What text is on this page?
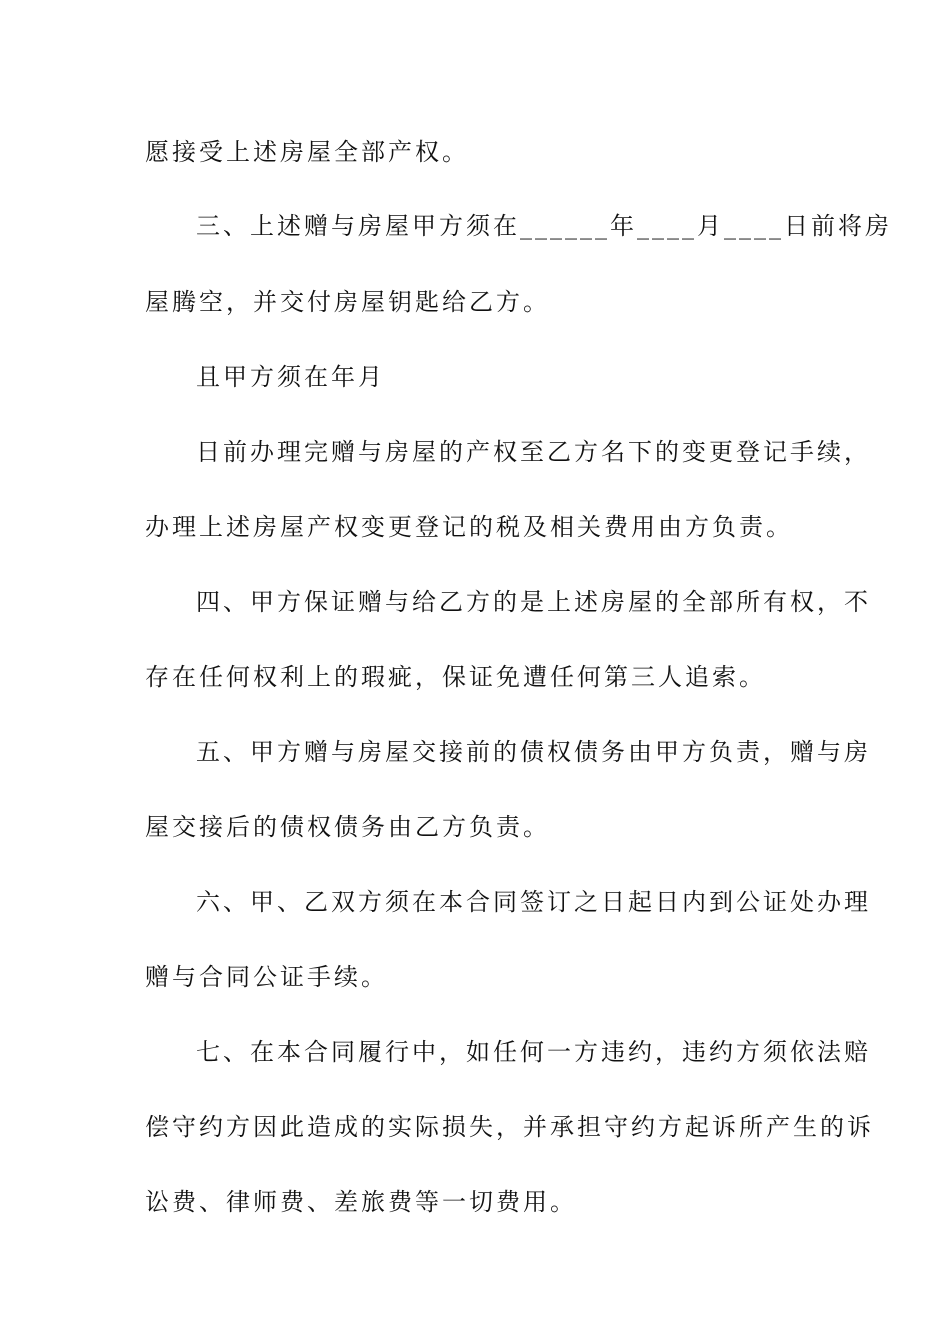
愿接受上述房屋全部产权。
三、上述赠与房屋甲方须在______年____月____日前将房
屋腾空，并交付房屋钥匙给乙方。
且甲方须在年月
日前办理完赠与房屋的产权至乙方名下的变更登记手续，
办理上述房屋产权变更登记的税及相关费用由方负责。
四、甲方保证赠与给乙方的是上述房屋的全部所有权，不
存在任何权利上的瑕疵，保证免遭任何第三人追索。
五、甲方赠与房屋交接前的债权债务由甲方负责，赠与房
屋交接后的债权债务由乙方负责。
六、甲、乙双方须在本合同签订之日起日内到公证处办理
赠与合同公证手续。
七、在本合同履行中，如任何一方违约，违约方须依法赔
偿守约方因此造成的实际损失，并承担守约方起诉所产生的诉
讼费、律师费、差旅费等一切费用。
